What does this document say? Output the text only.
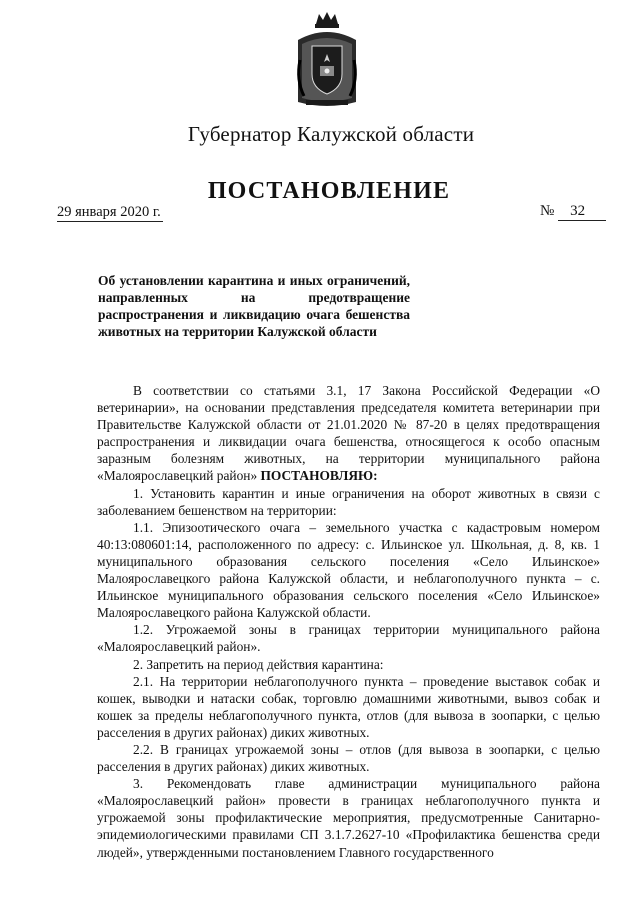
Губернатор Калужской области
ПОСТАНОВЛЕНИЕ
29 января 2020 г.	№ 32

Об установлении карантина и иных ограничений, направленных на предотвращение распространения и ликвидацию очага бешенства животных на территории Калужской области

В соответствии со статьями 3.1, 17 Закона Российской Федерации «О ветеринарии», на основании представления председателя комитета ветеринарии при Правительстве Калужской области от 21.01.2020 № 87-20 в целях предотвращения распространения и ликвидации очага бешенства, относящегося к особо опасным заразным болезням животных, на территории муниципального района «Малоярославецкий район» ПОСТАНОВЛЯЮ:

1. Установить карантин и иные ограничения на оборот животных в связи с заболеванием бешенством на территории:

1.1. Эпизоотического очага – земельного участка с кадастровым номером 40:13:080601:14, расположенного по адресу: с. Ильинское ул. Школьная, д. 8, кв. 1 муниципального образования сельского поселения «Село Ильинское» Малоярославецкого района Калужской области, и неблагополучного пункта – с. Ильинское муниципального образования сельского поселения «Село Ильинское» Малоярославецкого района Калужской области.

1.2. Угрожаемой зоны в границах территории муниципального района «Малоярославецкий район».

2. Запретить на период действия карантина:

2.1. На территории неблагополучного пункта – проведение выставок собак и кошек, выводки и натаски собак, торговлю домашними животными, вывоз собак и кошек за пределы неблагополучного пункта, отлов (для вывоза в зоопарки, с целью расселения в других районах) диких животных.

2.2. В границах угрожаемой зоны – отлов (для вывоза в зоопарки, с целью расселения в других районах) диких животных.

3. Рекомендовать главе администрации муниципального района «Малоярославецкий район» провести в границах неблагополучного пункта и угрожаемой зоны профилактические мероприятия, предусмотренные Санитарно-эпидемиологическими правилами СП 3.1.7.2627-10 «Профилактика бешенства среди людей», утвержденными постановлением Главного государственного
